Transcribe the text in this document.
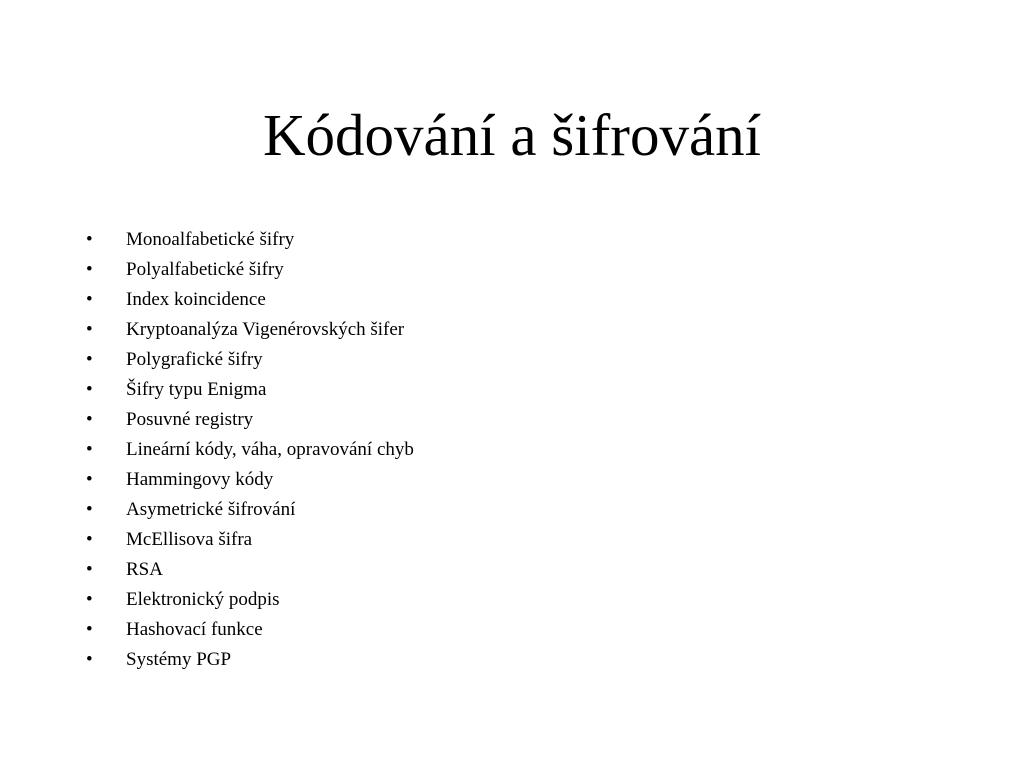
Kódování a šifrování
•	Monoalfabetické šifry
•	Polyalfabetické šifry
•	Index koincidence
•	Kryptoanalýza Vigenérovských šifer
•	Polygrafické šifry
•	Šifry typu Enigma
•	Posuvné registry
•	Lineární kódy, váha, opravování chyb
•	Hammingovy kódy
•	Asymetrické šifrování
•	McEllisova šifra
•	RSA
•	Elektronický podpis
•	Hashovací funkce
•	Systémy PGP
